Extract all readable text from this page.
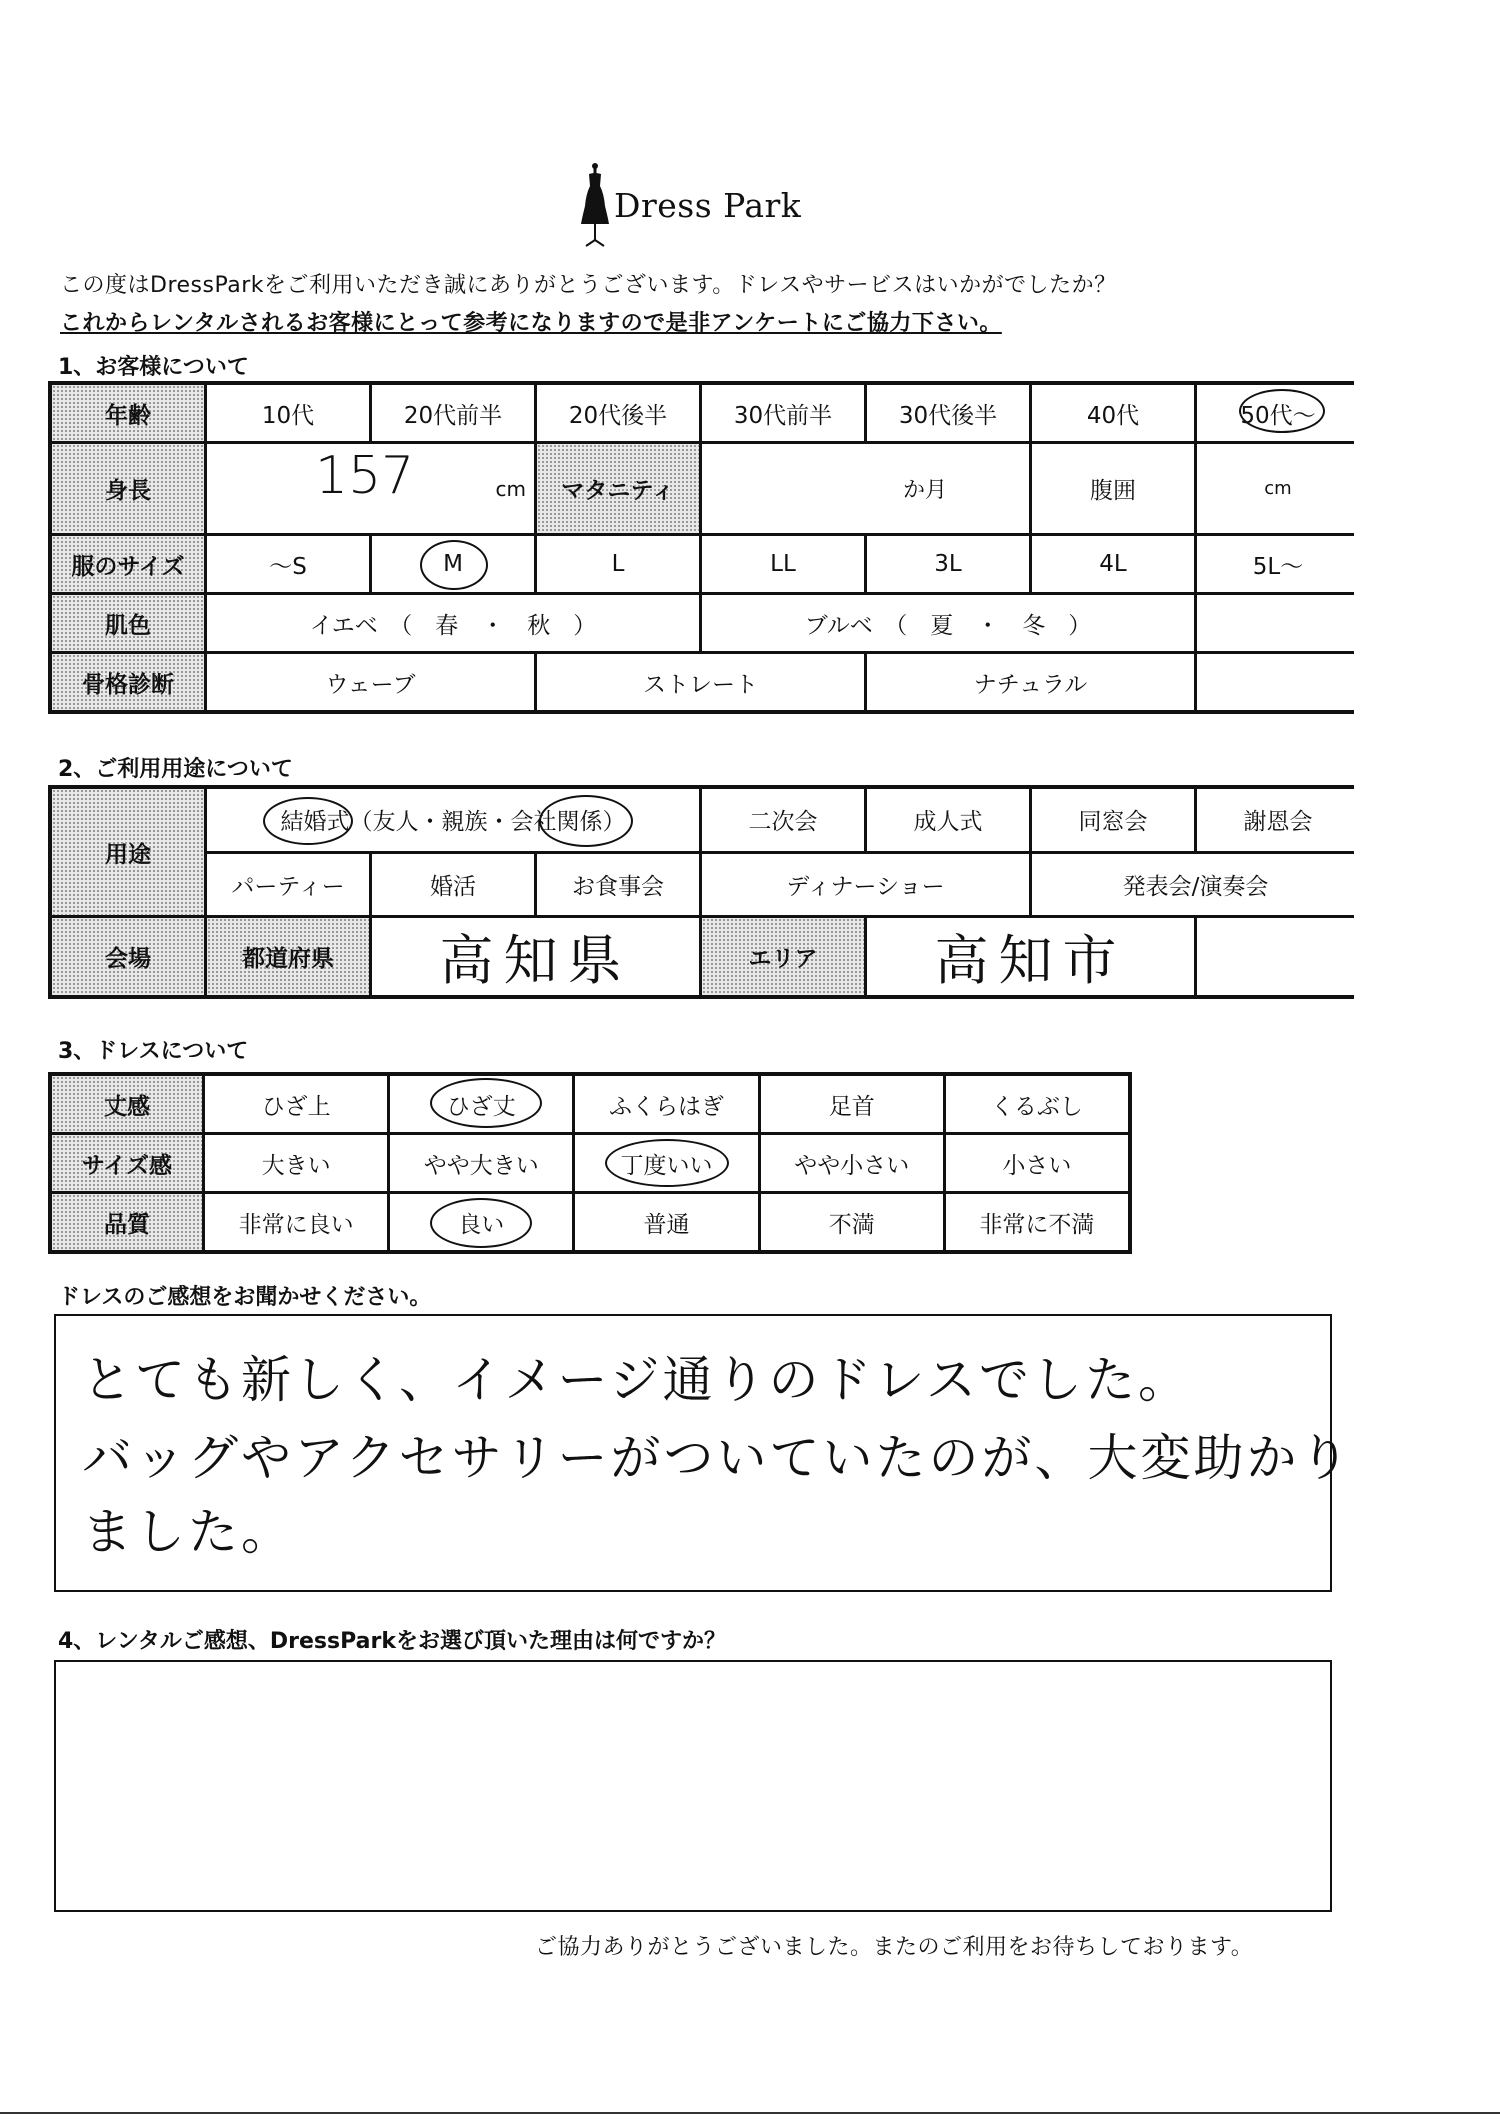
Dress Park
この度はDressParkをご利用いただき誠にありがとうございます。ドレスやサービスはいかがでしたか？
これからレンタルされるお客様にとって参考になりますので是非アンケートにご協力下さい。
1、お客様について
年齢	10代	20代前半	20代後半	30代前半	30代後半	40代	50代～
身長	157	cm	マタニティ	か月	腹囲	cm
服のサイズ	～S	M	L	LL	3L	4L	5L～
肌色	イエベ　（　春　・　秋　）	ブルベ　（　夏　・　冬　）
骨格診断	ウェーブ	ストレート	ナチュラル
2、ご利用用途について
用途
結婚式（友人・親族・会社関係）	二次会	成人式	同窓会	謝恩会
パーティー	婚活	お食事会	ディナーショー	発表会/演奏会
会場	都道府県	高知県	エリア	高知市
3、ドレスについて
丈感	ひざ上	ひざ丈	ふくらはぎ	足首	くるぶし
サイズ感	大きい	やや大きい	丁度いい	やや小さい	小さい
品質	非常に良い	良い	普通	不満	非常に不満
ドレスのご感想をお聞かせください。
とても新しく、イメージ通りのドレスでした。
バッグやアクセサリーがついていたのが、大変助かり
ました。
4、レンタルご感想、DressParkをお選び頂いた理由は何ですか？
ご協力ありがとうございました。またのご利用をお待ちしております。
